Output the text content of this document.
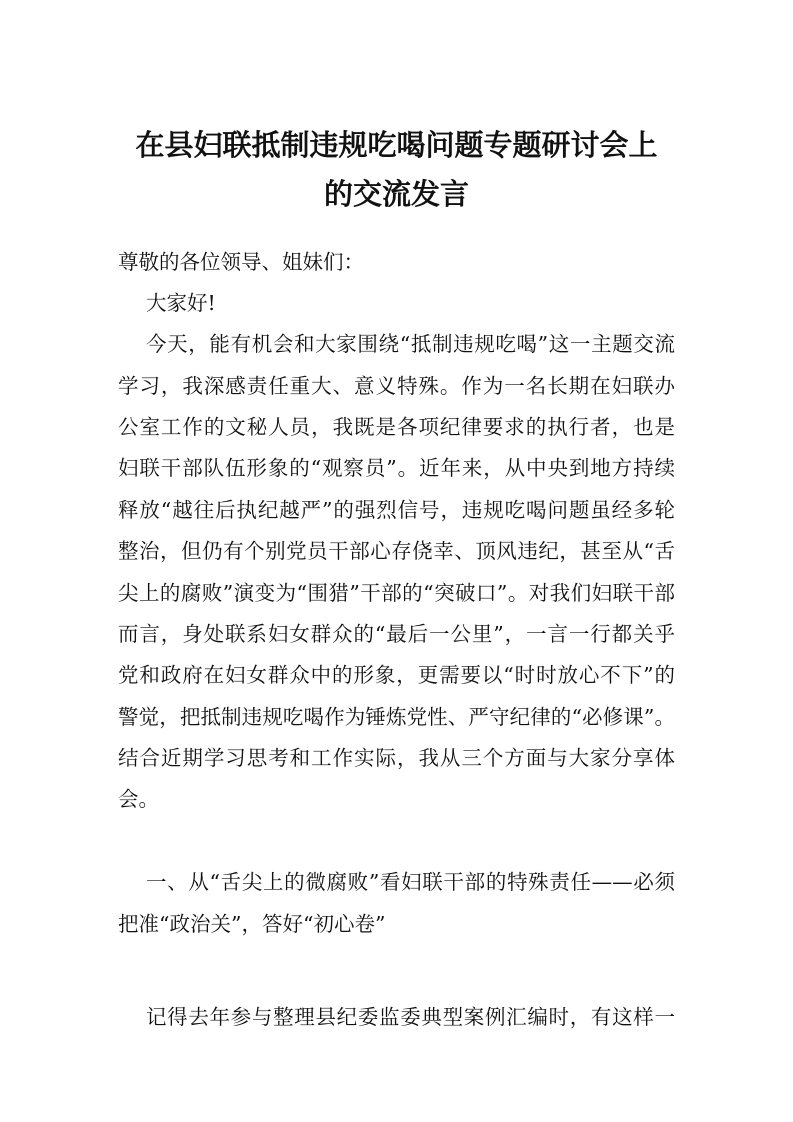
在县妇联抵制违规吃喝问题专题研讨会上
的交流发言
尊敬的各位领导、姐妹们：
大家好!
今天，能有机会和大家围绕“抵制违规吃喝”这一主题交流
学习，我深感责任重大、意义特殊。作为一名长期在妇联办
公室工作的文秘人员，我既是各项纪律要求的执行者，也是
妇联干部队伍形象的“观察员”。近年来，从中央到地方持续
释放“越往后执纪越严”的强烈信号，违规吃喝问题虽经多轮
整治，但仍有个别党员干部心存侥幸、顶风违纪，甚至从“舌
尖上的腐败”演变为“围猎”干部的“突破口”。对我们妇联干部
而言，身处联系妇女群众的“最后一公里”，一言一行都关乎
党和政府在妇女群众中的形象，更需要以“时时放心不下”的
警觉，把抵制违规吃喝作为锤炼党性、严守纪律的“必修课”。
结合近期学习思考和工作实际，我从三个方面与大家分享体
会。
一、从“舌尖上的微腐败”看妇联干部的特殊责任——必须
把准“政治关”，答好“初心卷”
记得去年参与整理县纪委监委典型案例汇编时，有这样一
